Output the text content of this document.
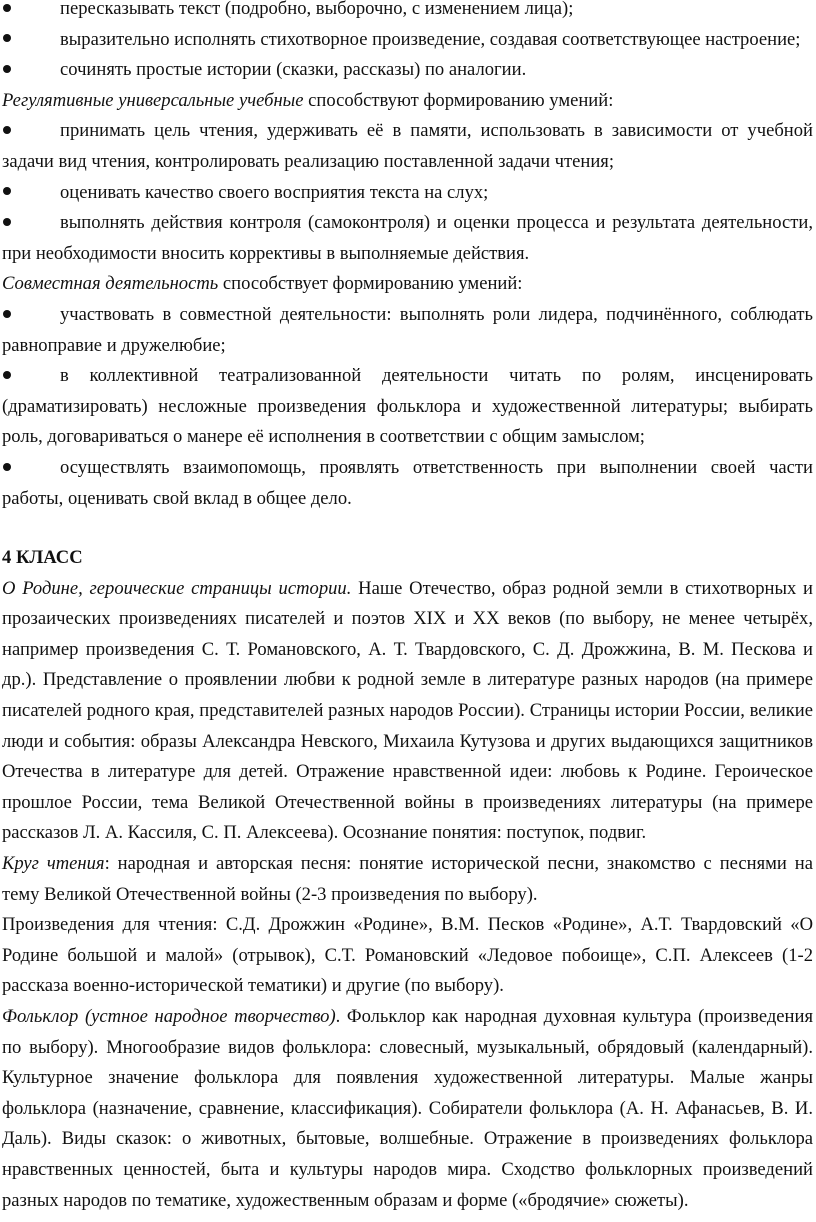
пересказывать текст (подробно, выборочно, с изменением лица);

выразительно исполнять стихотворное произведение, создавая соответствующее настроение;

сочинять простые истории (сказки, рассказы) по аналогии.

Регулятивные универсальные учебные способствуют формированию умений:

принимать цель чтения, удерживать её в памяти, использовать в зависимости от учебной задачи вид чтения, контролировать реализацию поставленной задачи чтения;

оценивать качество своего восприятия текста на слух;

выполнять действия контроля (самоконтроля) и оценки процесса и результата деятельности, при необходимости вносить коррективы в выполняемые действия.

Совместная деятельность способствует формированию умений:

участвовать в совместной деятельности: выполнять роли лидера, подчинённого, соблюдать равноправие и дружелюбие;

в коллективной театрализованной деятельности читать по ролям, инсценировать (драматизировать) несложные произведения фольклора и художественной литературы; выбирать роль, договариваться о манере её исполнения в соответствии с общим замыслом;

осуществлять взаимопомощь, проявлять ответственность при выполнении своей части работы, оценивать свой вклад в общее дело.

4 КЛАСС

О Родине, героические страницы истории. Наше Отечество, образ родной земли в стихотворных и прозаических произведениях писателей и поэтов XIX и XX веков (по выбору, не менее четырёх, например произведения С. Т. Романовского, А. Т. Твардовского, С. Д. Дрожжина, В. М. Пескова и др.). Представление о проявлении любви к родной земле в литературе разных народов (на примере писателей родного края, представителей разных народов России). Страницы истории России, великие люди и события: образы Александра Невского, Михаила Кутузова и других выдающихся защитников Отечества в литературе для детей. Отражение нравственной идеи: любовь к Родине. Героическое прошлое России, тема Великой Отечественной войны в произведениях литературы (на примере рассказов Л. А. Кассиля, С. П. Алексеева). Осознание понятия: поступок, подвиг.

Круг чтения: народная и авторская песня: понятие исторической песни, знакомство с песнями на тему Великой Отечественной войны (2-3 произведения по выбору).

Произведения для чтения: С.Д. Дрожжин «Родине», В.М. Песков «Родине», А.Т. Твардовский «О Родине большой и малой» (отрывок), С.Т. Романовский «Ледовое побоище», С.П. Алексеев (1-2 рассказа военно-исторической тематики) и другие (по выбору).

Фольклор (устное народное творчество). Фольклор как народная духовная культура (произведения по выбору). Многообразие видов фольклора: словесный, музыкальный, обрядовый (календарный). Культурное значение фольклора для появления художественной литературы. Малые жанры фольклора (назначение, сравнение, классификация). Собиратели фольклора (А. Н. Афанасьев, В. И. Даль). Виды сказок: о животных, бытовые, волшебные. Отражение в произведениях фольклора нравственных ценностей, быта и культуры народов мира. Сходство фольклорных произведений разных народов по тематике, художественным образам и форме («бродячие» сюжеты).
